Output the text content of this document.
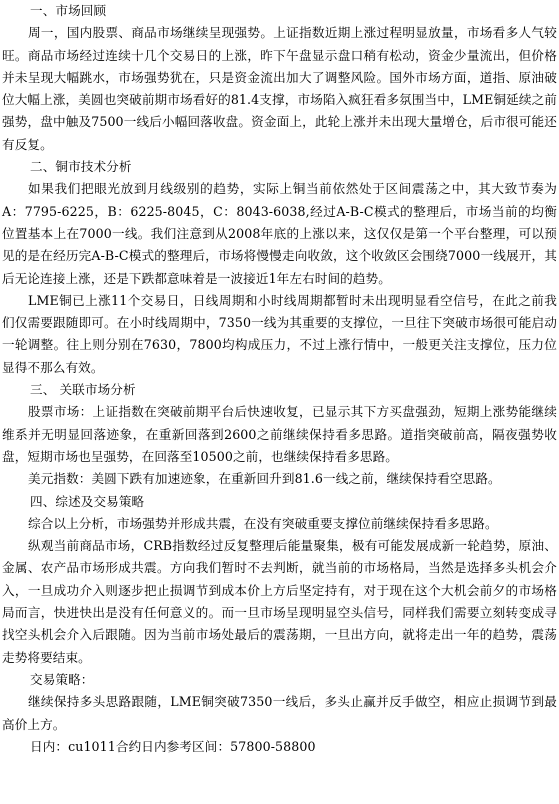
一、市场回顾

周一，国内股票、商品市场继续呈现强势。上证指数近期上涨过程明显放量，市场看多人气较旺。商品市场经过连续十几个交易日的上涨，昨下午盘显示盘口稍有松动，资金少量流出，但价格并未呈现大幅跳水，市场强势犹在，只是资金流出加大了调整风险。国外市场方面，道指、原油破位大幅上涨，美圆也突破前期市场看好的81.4支撑，市场陷入疯狂看多氛围当中，LME铜延续之前强势，盘中触及7500一线后小幅回落收盘。资金面上，此轮上涨并未出现大量增仓，后市很可能还有反复。

二、铜市技术分析

如果我们把眼光放到月线级别的趋势，实际上铜当前依然处于区间震荡之中，其大致节奏为A：7795-6225，B：6225-8045，C：8043-6038,经过A-B-C模式的整理后，市场当前的均衡位置基本上在7000一线。我们注意到从2008年底的上涨以来，这仅仅是第一个平台整理，可以预见的是在经历完A-B-C模式的整理后，市场将慢慢走向收敛，这个收敛区会围绕7000一线展开，其后无论连接上涨，还是下跌都意味着是一波接近1年左右时间的趋势。

LME铜已上涨11个交易日，日线周期和小时线周期都暂时未出现明显看空信号，在此之前我们仅需要跟随即可。在小时线周期中，7350一线为其重要的支撑位，一旦往下突破市场很可能启动一轮调整。往上则分别在7630，7800均构成压力，不过上涨行情中，一般更关注支撑位，压力位显得不那么有效。

三、 关联市场分析

股票市场：上证指数在突破前期平台后快速收复，已显示其下方买盘强劲，短期上涨势能继续维系并无明显回落迹象，在重新回落到2600之前继续保持看多思路。道指突破前高，隔夜强势收盘，短期市场也呈强势，在回落至10500之前，也继续保持看多思路。

美元指数：美圆下跌有加速迹象，在重新回升到81.6一线之前，继续保持看空思路。

四、综述及交易策略

综合以上分析，市场强势并形成共震，在没有突破重要支撑位前继续保持看多思路。

纵观当前商品市场，CRB指数经过反复整理后能量聚集，极有可能发展成新一轮趋势，原油、金属、农产品市场形成共震。方向我们暂时不去判断，就当前的市场格局，当然是选择多头机会介入，一旦成功介入则逐步把止损调节到成本价上方后坚定持有，对于现在这个大机会前夕的市场格局而言，快进快出是没有任何意义的。而一旦市场呈现明显空头信号，同样我们需要立刻转变成寻找空头机会介入后跟随。因为当前市场处最后的震荡期，一旦出方向，就将走出一年的趋势，震荡走势将要结束。

交易策略：

继续保持多头思路跟随，LME铜突破7350一线后，多头止赢并反手做空，相应止损调节到最高价上方。

日内：cu1011合约日内参考区间：57800-58800
